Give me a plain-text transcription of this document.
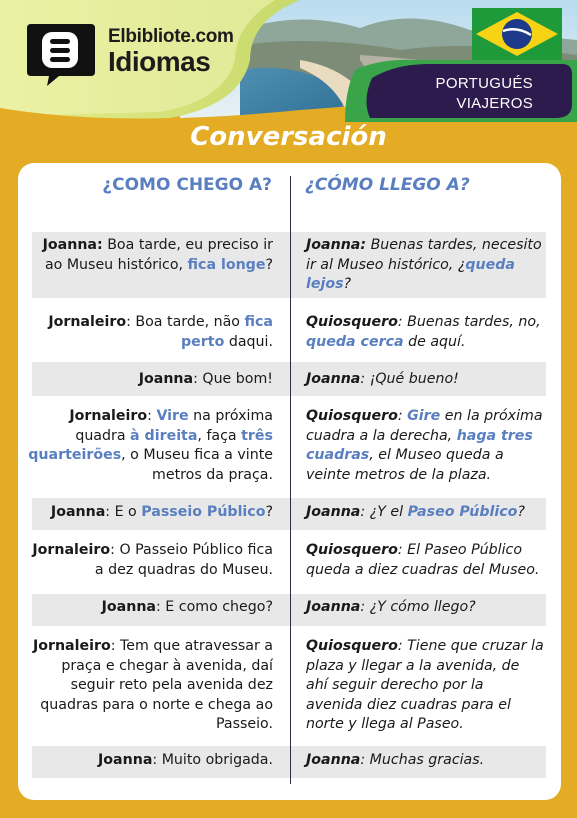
Elbibliote.com
Idiomas
PORTUGUÉS
VIAJEROS
Conversación
Joanna: Boa tarde, eu preciso ir ao Museu histórico, fica longe?
Joanna: Buenas tardes, necesito ir al Museo histórico, ¿queda lejos?
Jornaleiro: Boa tarde, não fica perto daqui.
Quiosquero: Buenas tardes, no, queda cerca de aquí.
Joanna: Que bom! Joanna: ¡Qué bueno!
Jornaleiro: Vire na próxima quadra à direita, faça três quarteirões, o Museu fica a vinte metros da praça.
Quiosquero: Gire en la próxima cuadra a la derecha, haga tres cuadras, el Museo queda a veinte metros de la plaza.
Joanna: E o Passeio Público? Joanna: ¿Y el Paseo Público?
Jornaleiro: O Passeio Público fica a dez quadras do Museu.
Quiosquero: El Paseo Público queda a diez cuadras del Museo.
Joanna: E como chego? Joanna: ¿Y cómo llego?
Jornaleiro: Tem que atravessar a praça e chegar à avenida, daí seguir reto pela avenida dez quadras para o norte e chega ao Passeio.
Quiosquero: Tiene que cruzar la plaza y llegar a la avenida, de ahí seguir derecho por la avenida diez cuadras para el norte y llega al Paseo.
Joanna: Muito obrigada. Joanna: Muchas gracias.
¿COMO CHEGO A? ¿CÓMO LLEGO A?
